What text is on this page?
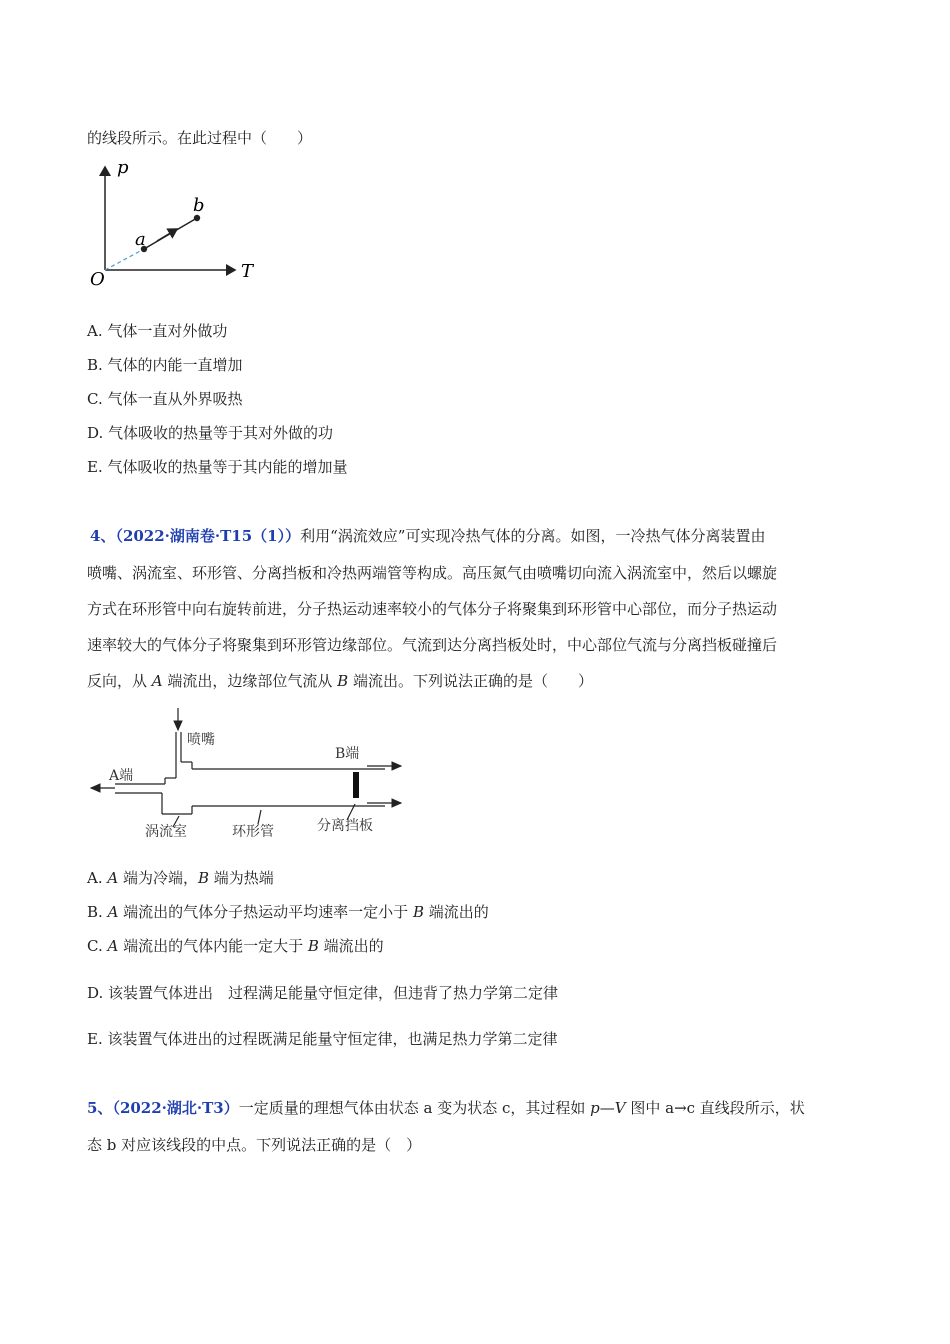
的线段所示。在此过程中（　　）
p
T
O
a
b
A. 气体一直对外做功
B. 气体的内能一直增加
C. 气体一直从外界吸热
D. 气体吸收的热量等于其对外做的功
E. 气体吸收的热量等于其内能的增加量
4、（2022·湖南卷·T15（1））利用“涡流效应”可实现冷热气体的分离。如图，一冷热气体分离装置由
喷嘴、涡流室、环形管、分离挡板和冷热两端管等构成。高压氮气由喷嘴切向流入涡流室中，然后以螺旋
方式在环形管中向右旋转前进，分子热运动速率较小的气体分子将聚集到环形管中心部位，而分子热运动
速率较大的气体分子将聚集到环形管边缘部位。气流到达分离挡板处时，中心部位气流与分离挡板碰撞后
反向，从 A 端流出，边缘部位气流从 B 端流出。下列说法正确的是（　　）
喷嘴
B端
A端
涡流室	环形管	分离挡板
A. A 端为冷端，B 端为热端
B. A 端流出的气体分子热运动平均速率一定小于 B 端流出的
C. A 端流出的气体内能一定大于 B 端流出的
D. 该装置气体进出　过程满足能量守恒定律，但违背了热力学第二定律
E. 该装置气体进出的过程既满足能量守恒定律，也满足热力学第二定律
5、（2022·湖北·T3）一定质量的理想气体由状态 a 变为状态 c，其过程如 p—V 图中 a→c 直线段所示，状
态 b 对应该线段的中点。下列说法正确的是（　）
